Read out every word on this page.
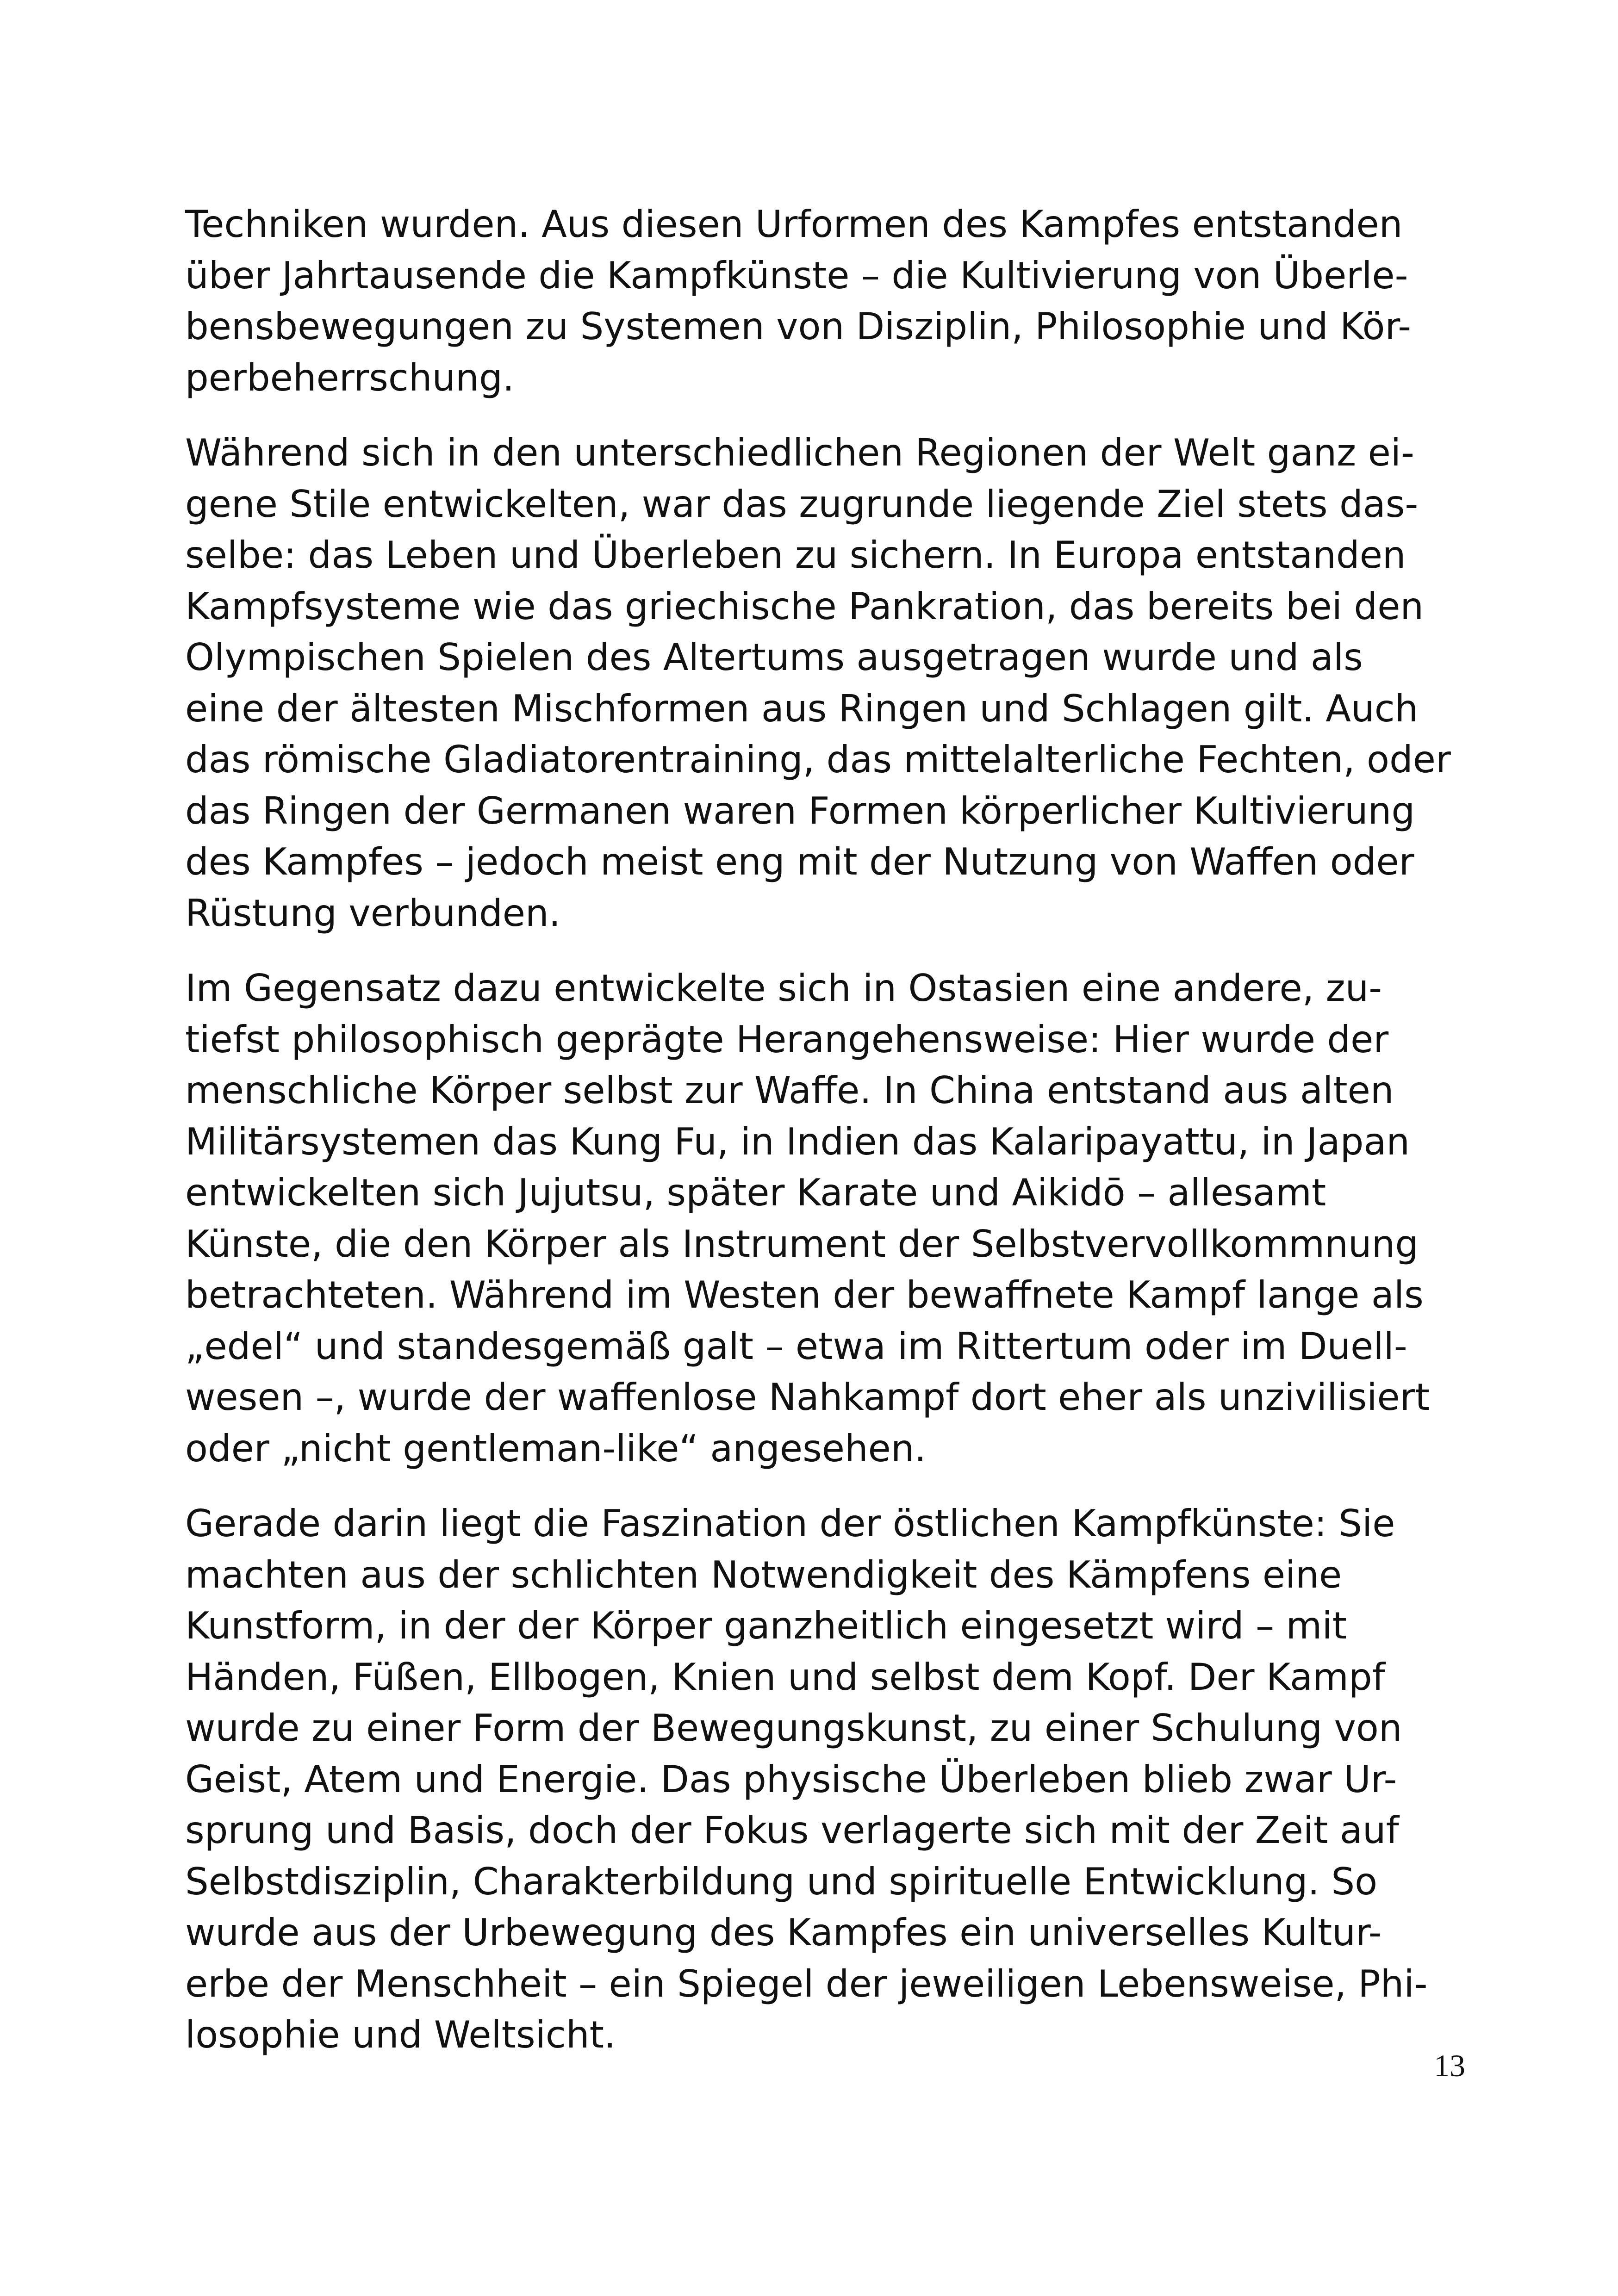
Techniken wurden. Aus diesen Urformen des Kampfes entstanden
über Jahrtausende die Kampfkünste – die Kultivierung von Überle-
bensbewegungen zu Systemen von Disziplin, Philosophie und Kör-
perbeherrschung.

Während sich in den unterschiedlichen Regionen der Welt ganz ei-
gene Stile entwickelten, war das zugrunde liegende Ziel stets das-
selbe: das Leben und Überleben zu sichern. In Europa entstanden
Kampfsysteme wie das griechische Pankration, das bereits bei den
Olympischen Spielen des Altertums ausgetragen wurde und als
eine der ältesten Mischformen aus Ringen und Schlagen gilt. Auch
das römische Gladiatorentraining, das mittelalterliche Fechten, oder
das Ringen der Germanen waren Formen körperlicher Kultivierung
des Kampfes – jedoch meist eng mit der Nutzung von Waffen oder
Rüstung verbunden.

Im Gegensatz dazu entwickelte sich in Ostasien eine andere, zu-
tiefst philosophisch geprägte Herangehensweise: Hier wurde der
menschliche Körper selbst zur Waffe. In China entstand aus alten
Militärsystemen das Kung Fu, in Indien das Kalaripayattu, in Japan
entwickelten sich Jujutsu, später Karate und Aikidō – allesamt
Künste, die den Körper als Instrument der Selbstvervollkommnung
betrachteten. Während im Westen der bewaffnete Kampf lange als
„edel“ und standesgemäß galt – etwa im Rittertum oder im Duell-
wesen –, wurde der waffenlose Nahkampf dort eher als unzivilisiert
oder „nicht gentleman-like“ angesehen.

Gerade darin liegt die Faszination der östlichen Kampfkünste: Sie
machten aus der schlichten Notwendigkeit des Kämpfens eine
Kunstform, in der der Körper ganzheitlich eingesetzt wird – mit
Händen, Füßen, Ellbogen, Knien und selbst dem Kopf. Der Kampf
wurde zu einer Form der Bewegungskunst, zu einer Schulung von
Geist, Atem und Energie. Das physische Überleben blieb zwar Ur-
sprung und Basis, doch der Fokus verlagerte sich mit der Zeit auf
Selbstdisziplin, Charakterbildung und spirituelle Entwicklung. So
wurde aus der Urbewegung des Kampfes ein universelles Kultur-
erbe der Menschheit – ein Spiegel der jeweiligen Lebensweise, Phi-
losophie und Weltsicht.

13
